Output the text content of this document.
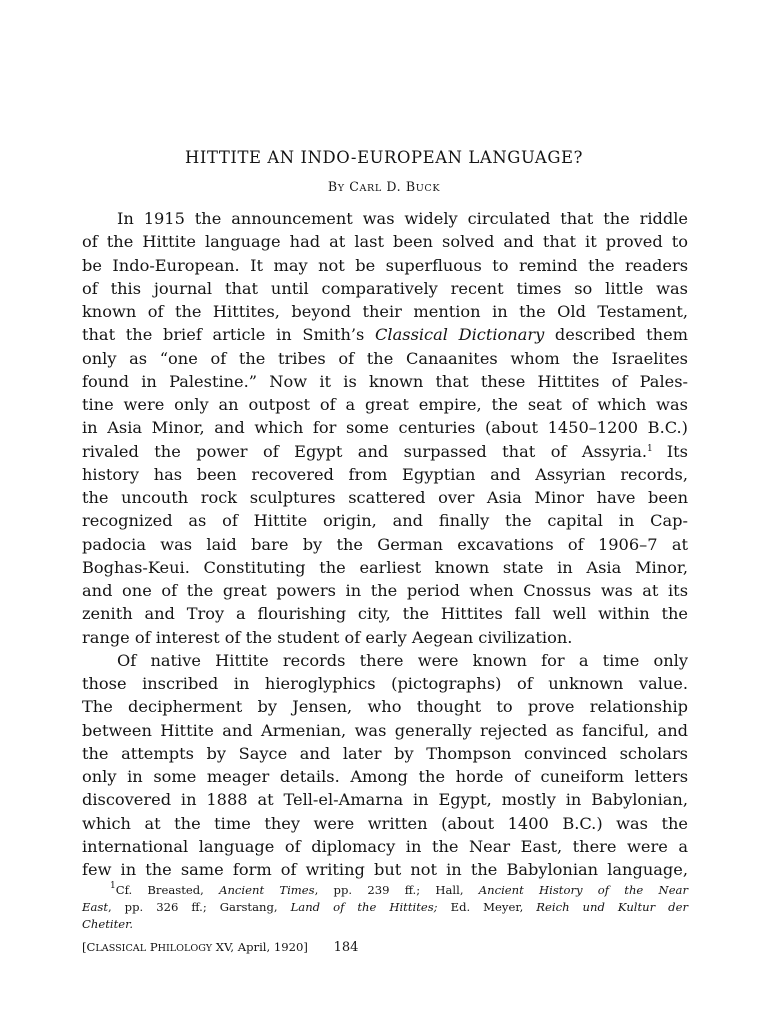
HITTITE AN INDO-EUROPEAN LANGUAGE?
BY CARL D. BUCK
In 1915 the announcement was widely circulated that the riddle
of the Hittite language had at last been solved and that it proved to
be Indo-European. It may not be superfluous to remind the readers
of this journal that until comparatively recent times so little was
known of the Hittites, beyond their mention in the Old Testament,
that the brief article in Smith’s Classical Dictionary described them
only as “one of the tribes of the Canaanites whom the Israelites
found in Palestine.” Now it is known that these Hittites of Pales-
tine were only an outpost of a great empire, the seat of which was
in Asia Minor, and which for some centuries (about 1450–1200 B.C.)
rivaled the power of Egypt and surpassed that of Assyria.$^1$ Its
history has been recovered from Egyptian and Assyrian records,
the uncouth rock sculptures scattered over Asia Minor have been
recognized as of Hittite origin, and finally the capital in Cap-
padocia was laid bare by the German excavations of 1906–7 at
Boghas-Keui. Constituting the earliest known state in Asia Minor,
and one of the great powers in the period when Cnossus was at its
zenith and Troy a flourishing city, the Hittites fall well within the
range of interest of the student of early Aegean civilization.
Of native Hittite records there were known for a time only
those inscribed in hieroglyphics (pictographs) of unknown value.
The decipherment by Jensen, who thought to prove relationship
between Hittite and Armenian, was generally rejected as fanciful, and
the attempts by Sayce and later by Thompson convinced scholars
only in some meager details. Among the horde of cuneiform letters
discovered in 1888 at Tell-el-Amarna in Egypt, mostly in Babylonian,
which at the time they were written (about 1400 B.C.) was the
international language of diplomacy in the Near East, there were a
few in the same form of writing but not in the Babylonian language,
$^1$Cf. Breasted, Ancient Times, pp. 239 ff.; Hall, Ancient History of the Near
East, pp. 326 ff.; Garstang, Land of the Hittites; Ed. Meyer, Reich und Kultur der
Chetiter.
[CLASSICAL PHILOLOGY XV, April, 1920] 184
